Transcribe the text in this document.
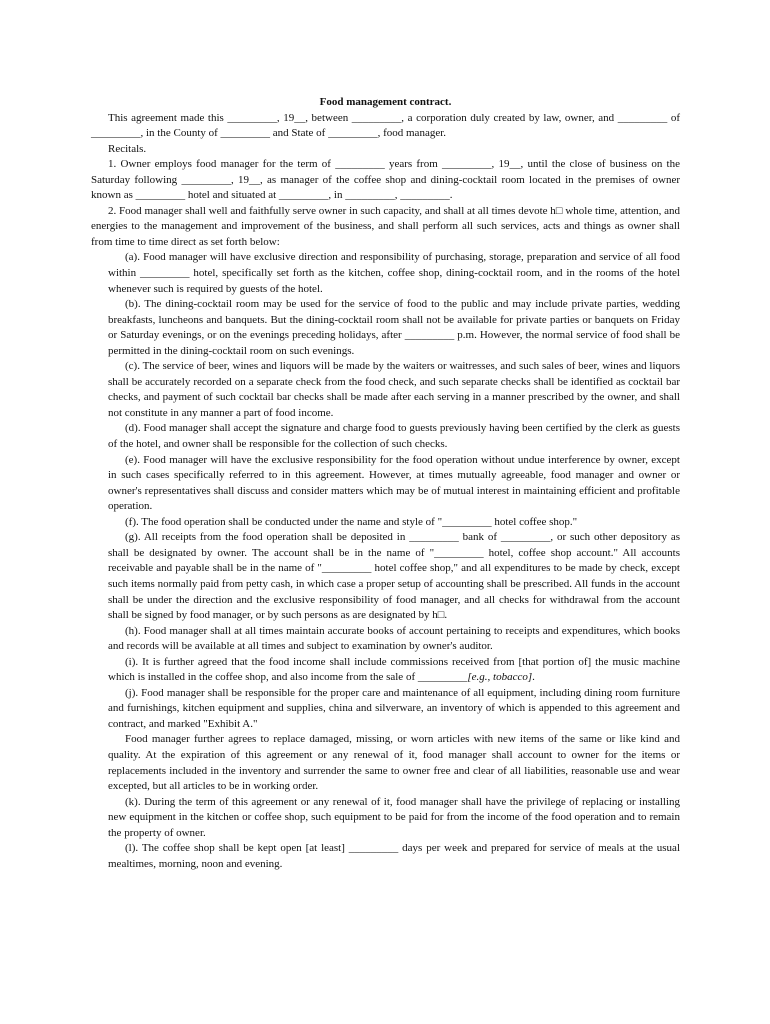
Food management contract.

This agreement made this _________, 19__, between _________, a corporation duly created by law, owner, and _________ of _________, in the County of _________ and State of _________, food manager.

Recitals.

1. Owner employs food manager for the term of _________ years from _________, 19__, until the close of business on the Saturday following _________, 19__, as manager of the coffee shop and dining-cocktail room located in the premises of owner known as _________ hotel and situated at _________, in _________, _________.

2. Food manager shall well and faithfully serve owner in such capacity, and shall at all times devote h□ whole time, attention, and energies to the management and improvement of the business, and shall perform all such services, acts and things as owner shall from time to time direct as set forth below:

(a). Food manager will have exclusive direction and responsibility of purchasing, storage, preparation and service of all food within _________ hotel, specifically set forth as the kitchen, coffee shop, dining-cocktail room, and in the rooms of the hotel whenever such is required by guests of the hotel.

(b). The dining-cocktail room may be used for the service of food to the public and may include private parties, wedding breakfasts, luncheons and banquets. But the dining-cocktail room shall not be available for private parties or banquets on Friday or Saturday evenings, or on the evenings preceding holidays, after _________ p.m. However, the normal service of food shall be permitted in the dining-cocktail room on such evenings.

(c). The service of beer, wines and liquors will be made by the waiters or waitresses, and such sales of beer, wines and liquors shall be accurately recorded on a separate check from the food check, and such separate checks shall be identified as cocktail bar checks, and payment of such cocktail bar checks shall be made after each serving in a manner prescribed by the owner, and shall not constitute in any manner a part of food income.

(d). Food manager shall accept the signature and charge food to guests previously having been certified by the clerk as guests of the hotel, and owner shall be responsible for the collection of such checks.

(e). Food manager will have the exclusive responsibility for the food operation without undue interference by owner, except in such cases specifically referred to in this agreement. However, at times mutually agreeable, food manager and owner or owner's representatives shall discuss and consider matters which may be of mutual interest in maintaining efficient and profitable operation.

(f). The food operation shall be conducted under the name and style of "_________ hotel coffee shop."

(g). All receipts from the food operation shall be deposited in _________ bank of _________, or such other depository as shall be designated by owner. The account shall be in the name of "_________ hotel, coffee shop account." All accounts receivable and payable shall be in the name of "_________ hotel coffee shop," and all expenditures to be made by check, except such items normally paid from petty cash, in which case a proper setup of accounting shall be prescribed. All funds in the account shall be under the direction and the exclusive responsibility of food manager, and all checks for withdrawal from the account shall be signed by food manager, or by such persons as are designated by h□.

(h). Food manager shall at all times maintain accurate books of account pertaining to receipts and expenditures, which books and records will be available at all times and subject to examination by owner's auditor.

(i). It is further agreed that the food income shall include commissions received from [that portion of] the music machine which is installed in the coffee shop, and also income from the sale of _________[e.g., tobacco].

(j). Food manager shall be responsible for the proper care and maintenance of all equipment, including dining room furniture and furnishings, kitchen equipment and supplies, china and silverware, an inventory of which is appended to this agreement and contract, and marked "Exhibit A."

Food manager further agrees to replace damaged, missing, or worn articles with new items of the same or like kind and quality. At the expiration of this agreement or any renewal of it, food manager shall account to owner for the items or replacements included in the inventory and surrender the same to owner free and clear of all liabilities, reasonable use and wear excepted, but all articles to be in working order.

(k). During the term of this agreement or any renewal of it, food manager shall have the privilege of replacing or installing new equipment in the kitchen or coffee shop, such equipment to be paid for from the income of the food operation and to remain the property of owner.

(l). The coffee shop shall be kept open [at least] _________ days per week and prepared for service of meals at the usual mealtimes, morning, noon and evening.
